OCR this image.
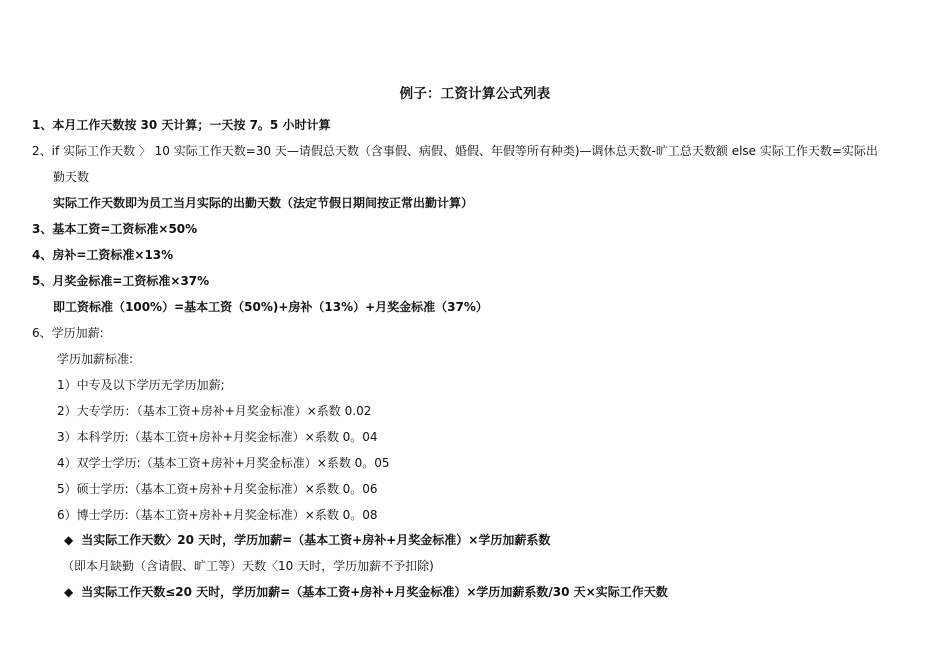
例子：工资计算公式列表
1、本月工作天数按 30 天计算；一天按 7。5 小时计算
2、if 实际工作天数 〉 10 实际工作天数=30 天—请假总天数（含事假、病假、婚假、年假等所有种类)—调休总天数-旷工总天数额 else 实际工作天数=实际出
勤天数
实际工作天数即为员工当月实际的出勤天数（法定节假日期间按正常出勤计算）
3、基本工资=工资标准×50%
4、房补=工资标准×13%
5、月奖金标准=工资标准×37%
即工资标准（100%）=基本工资（50%)+房补（13%）+月奖金标准（37%）
6、学历加薪:
学历加薪标准:
1）中专及以下学历无学历加薪;
2）大专学历：（基本工资+房补+月奖金标准）×系数 0.02
3）本科学历:（基本工资+房补+月奖金标准）×系数 0。04
4）双学士学历:（基本工资+房补+月奖金标准）×系数 0。05
5）硕士学历:（基本工资+房补+月奖金标准）×系数 0。06
6）博士学历:（基本工资+房补+月奖金标准）×系数 0。08
◆ 当实际工作天数〉20 天时，学历加薪=（基本工资+房补+月奖金标准）×学历加薪系数
（即本月缺勤（含请假、旷工等）天数〈10 天时，学历加薪不予扣除)
◆ 当实际工作天数≤20 天时，学历加薪=（基本工资+房补+月奖金标准）×学历加薪系数/30 天×实际工作天数
